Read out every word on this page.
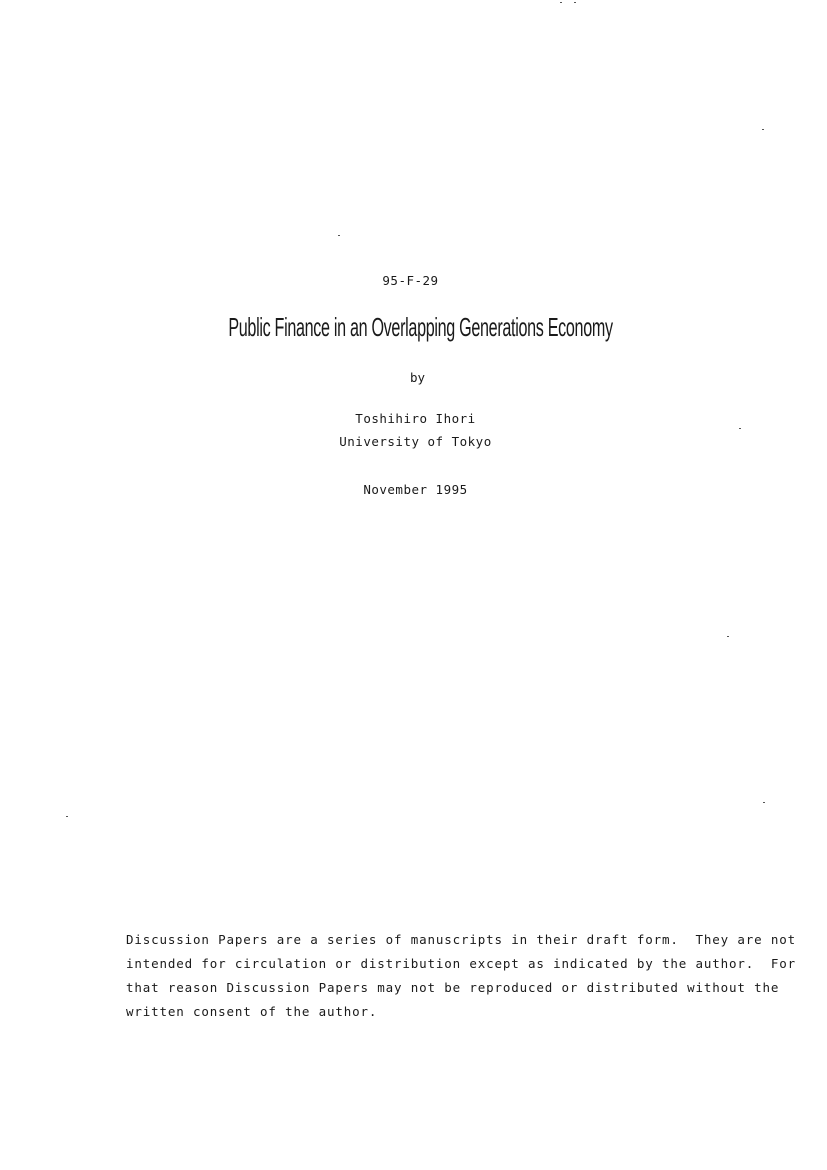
95-F-29
Public Finance in an Overlapping Generations Economy
by
Toshihiro Ihori
University of Tokyo
November 1995
Discussion Papers are a series of manuscripts in their draft form.  They are not
intended for circulation or distribution except as indicated by the author.  For
that reason Discussion Papers may not be reproduced or distributed without the
written consent of the author.
